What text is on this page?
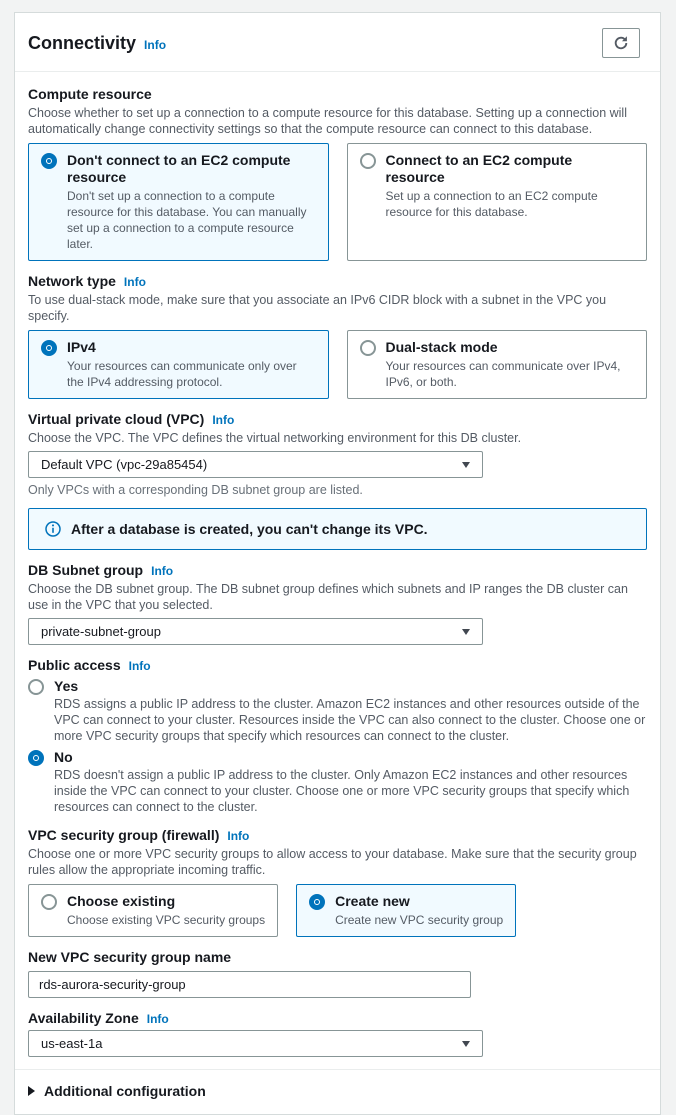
Connectivity Info
Compute resource

Choose whether to set up a connection to a compute resource for this database. Setting up a connection will automatically change connectivity settings so that the compute resource can connect to this database.

Don't connect to an EC2 compute resource
Don't set up a connection to a compute resource for this database. You can manually set up a connection to a compute resource later.
Connect to an EC2 compute resource
Set up a connection to an EC2 compute resource for this database.
Network type Info

To use dual-stack mode, make sure that you associate an IPv6 CIDR block with a subnet in the VPC you specify.

IPv4
Your resources can communicate only over the IPv4 addressing protocol.
Dual-stack mode
Your resources can communicate over IPv4, IPv6, or both.
Virtual private cloud (VPC) Info

Choose the VPC. The VPC defines the virtual networking environment for this DB cluster.

Default VPC (vpc-29a85454)
Only VPCs with a corresponding DB subnet group are listed.
After a database is created, you can't change its VPC.
DB Subnet group Info

Choose the DB subnet group. The DB subnet group defines which subnets and IP ranges the DB cluster can use in the VPC that you selected.

private-subnet-group
Public access Info
Yes
RDS assigns a public IP address to the cluster. Amazon EC2 instances and other resources outside of the VPC can connect to your cluster. Resources inside the VPC can also connect to the cluster. Choose one or more VPC security groups that specify which resources can connect to the cluster.
No
RDS doesn't assign a public IP address to the cluster. Only Amazon EC2 instances and other resources inside the VPC can connect to your cluster. Choose one or more VPC security groups that specify which resources can connect to the cluster.
VPC security group (firewall) Info

Choose one or more VPC security groups to allow access to your database. Make sure that the security group rules allow the appropriate incoming traffic.

Choose existing
Choose existing VPC security groups
Create new
Create new VPC security group
New VPC security group name
rds-aurora-security-group
Availability Zone Info
us-east-1a
Additional configuration
